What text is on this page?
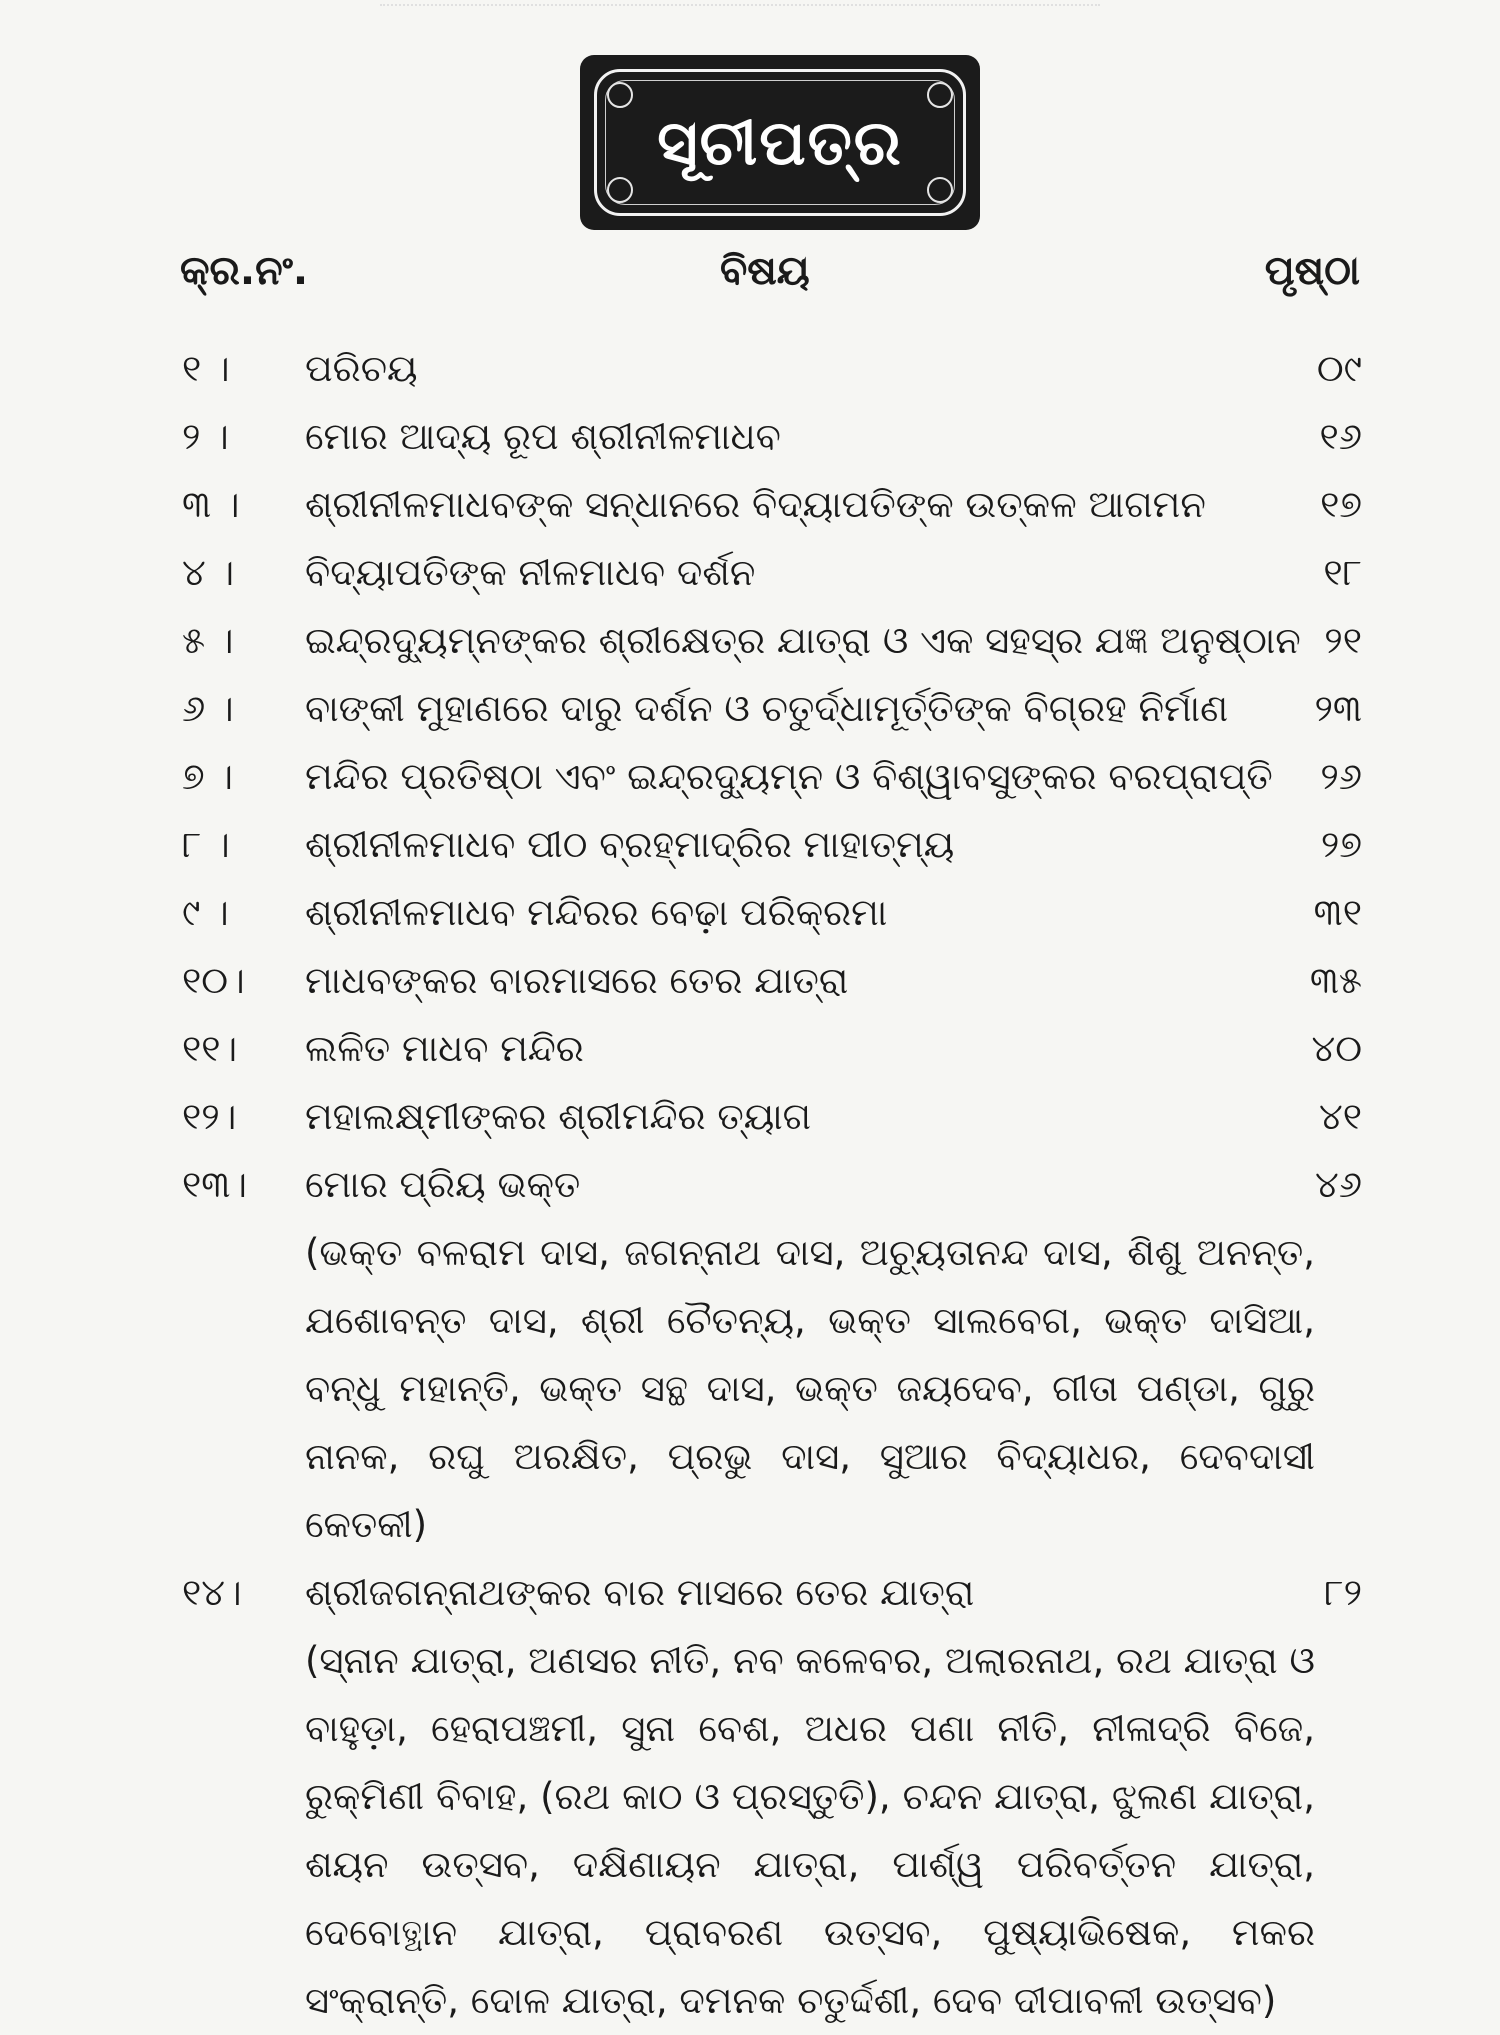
ସୂଚୀପତ୍ର
କ୍ର.ନଂ.	ବିଷୟ	ପୃଷ୍ଠା
୧ ।	ପରିଚୟ	୦୯
୨ ।	ମୋର ଆଦ୍ୟ ରୂପ ଶ୍ରୀନୀଳମାଧବ	୧୬
୩ ।	ଶ୍ରୀନୀଳମାଧବଙ୍କ ସନ୍ଧାନରେ ବିଦ୍ୟାପତିଙ୍କ ଉତ୍କଳ ଆଗମନ	୧୭
୪ ।	ବିଦ୍ୟାପତିଙ୍କ ନୀଳମାଧବ ଦର୍ଶନ	୧୮
୫ ।	ଇନ୍ଦ୍ରଦ୍ୟୁମ୍ନଙ୍କର ଶ୍ରୀକ୍ଷେତ୍ର ଯାତ୍ରା ଓ ଏକ ସହସ୍ର ଯଜ୍ଞ ଅନୁଷ୍ଠାନ ୨୧
୬ ।	ବାଙ୍କୀ ମୁହାଣରେ ଦାରୁ ଦର୍ଶନ ଓ ଚତୁର୍ଦ୍ଧାମୂର୍ତ୍ତିଙ୍କ ବିଗ୍ରହ ନିର୍ମାଣ	୨୩
୭ ।	ମନ୍ଦିର ପ୍ରତିଷ୍ଠା ଏବଂ ଇନ୍ଦ୍ରଦ୍ୟୁମ୍ନ ଓ ବିଶ୍ୱାବସୁଙ୍କର ବରପ୍ରାପ୍ତି ୨୬
୮ ।	ଶ୍ରୀନୀଳମାଧବ ପୀଠ ବ୍ରହ୍ମାଦ୍ରିର ମାହାତ୍ମ୍ୟ	୨୭
୯ ।	ଶ୍ରୀନୀଳମାଧବ ମନ୍ଦିରର ବେଢ଼ା ପରିକ୍ରମା	୩୧
୧୦।	ମାଧବଙ୍କର ବାରମାସରେ ତେର ଯାତ୍ରା	୩୫
୧୧।	ଲଳିତ ମାଧବ ମନ୍ଦିର	୪୦
୧୨।	ମହାଲକ୍ଷ୍ମୀଙ୍କର ଶ୍ରୀମନ୍ଦିର ତ୍ୟାଗ	୪୧
୧୩।	ମୋର ପ୍ରିୟ ଭକ୍ତ	୪୬
(ଭକ୍ତ ବଳରାମ ଦାସ, ଜଗନ୍ନାଥ ଦାସ, ଅଚ୍ୟୁତାନନ୍ଦ ଦାସ, ଶିଶୁ ଅନନ୍ତ, ଯଶୋବନ୍ତ ଦାସ, ଶ୍ରୀ ଚୈତନ୍ୟ, ଭକ୍ତ ସାଲବେଗ, ଭକ୍ତ ଦାସିଆ, ବନ୍ଧୁ ମହାନ୍ତି, ଭକ୍ତ ସନ୍ଥ ଦାସ, ଭକ୍ତ ଜୟଦେବ, ଗୀତା ପଣ୍ଡା, ଗୁରୁ ନାନକ, ରଘୁ ଅରକ୍ଷିତ, ପ୍ରଭୁ ଦାସ, ସୁଆର ବିଦ୍ୟାଧର, ଦେବଦାସୀ କେତକୀ)
୧୪।	ଶ୍ରୀଜଗନ୍ନାଥଙ୍କର ବାର ମାସରେ ତେର ଯାତ୍ରା	୮୨
(ସ୍ନାନ ଯାତ୍ରା, ଅଣସର ନୀତି, ନବ କଳେବର, ଅଲାରନାଥ, ରଥ ଯାତ୍ରା ଓ ବାହୁଡ଼ା, ହେରାପଞ୍ଚମୀ, ସୁନା ବେଶ, ଅଧର ପଣା ନୀତି, ନୀଳାଦ୍ରି ବିଜେ, ରୁକ୍ମିଣୀ ବିବାହ, (ରଥ କାଠ ଓ ପ୍ରସ୍ତୁତି), ଚନ୍ଦନ ଯାତ୍ରା, ଝୁଲଣ ଯାତ୍ରା, ଶୟନ ଉତ୍ସବ, ଦକ୍ଷିଣାୟନ ଯାତ୍ରା, ପାର୍ଶ୍ୱ ପରିବର୍ତ୍ତନ ଯାତ୍ରା, ଦେବୋତ୍ଥାନ ଯାତ୍ରା, ପ୍ରାବରଣ ଉତ୍ସବ, ପୁଷ୍ୟାଭିଷେକ, ମକର ସଂକ୍ରାନ୍ତି, ଦୋଳ ଯାତ୍ରା, ଦମନକ ଚତୁର୍ଦ୍ଦଶୀ, ଦେବ ଦୀପାବଳୀ ଉତ୍ସବ)
